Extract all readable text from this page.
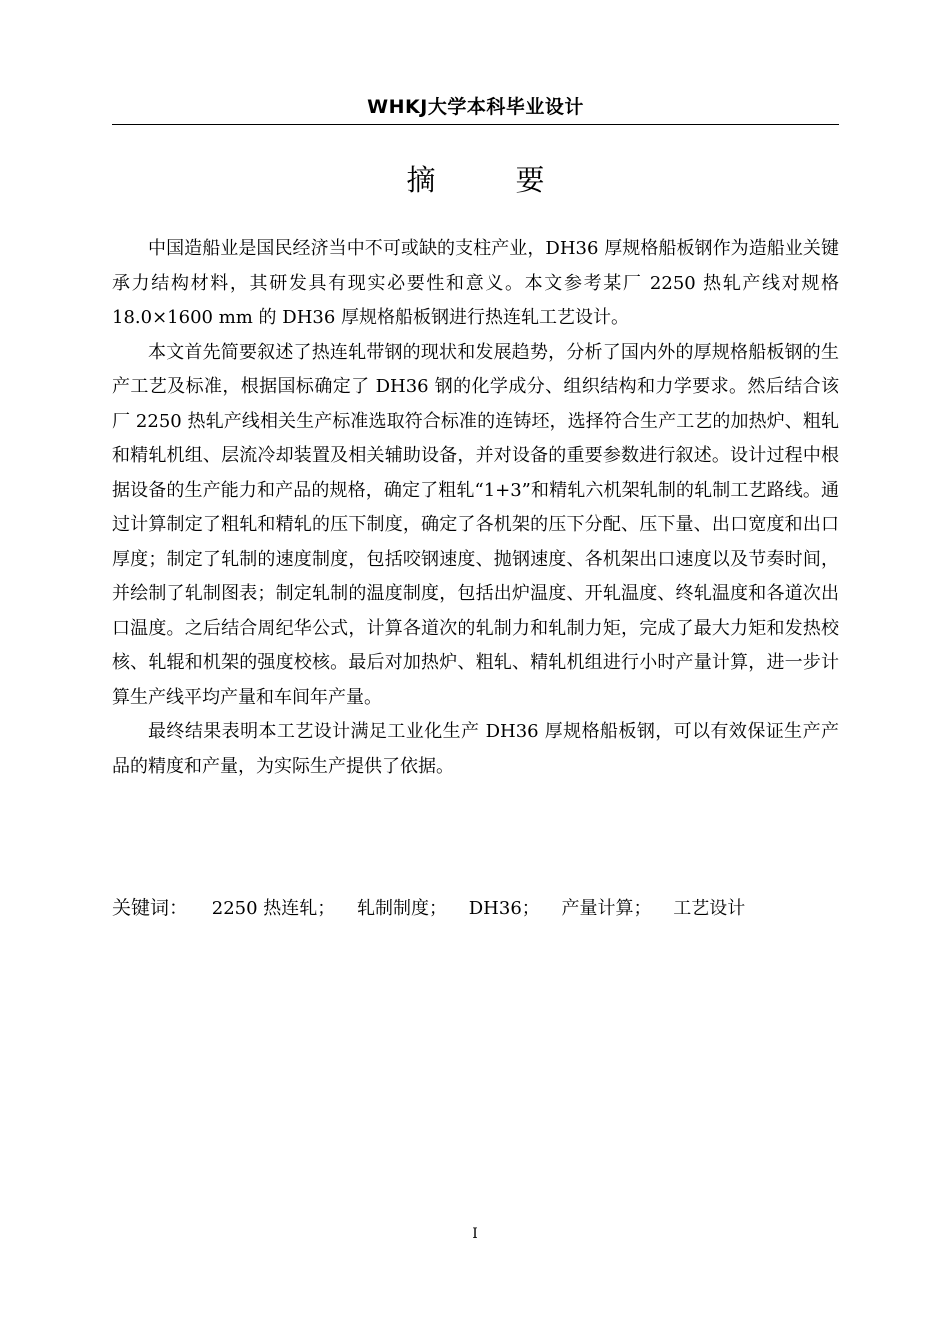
WHKJ大学本科毕业设计
摘要

中国造船业是国民经济当中不可或缺的支柱产业，DH36 厚规格船板钢作为造船业关键承力结构材料，其研发具有现实必要性和意义。本文参考某厂 2250 热轧产线对规格 18.0×1600 mm 的 DH36 厚规格船板钢进行热连轧工艺设计。

本文首先简要叙述了热连轧带钢的现状和发展趋势，分析了国内外的厚规格船板钢的生产工艺及标准，根据国标确定了 DH36 钢的化学成分、组织结构和力学要求。然后结合该厂 2250 热轧产线相关生产标准选取符合标准的连铸坯，选择符合生产工艺的加热炉、粗轧和精轧机组、层流冷却装置及相关辅助设备，并对设备的重要参数进行叙述。设计过程中根据设备的生产能力和产品的规格，确定了粗轧“1+3”和精轧六机架轧制的轧制工艺路线。通过计算制定了粗轧和精轧的压下制度，确定了各机架的压下分配、压下量、出口宽度和出口厚度；制定了轧制的速度制度，包括咬钢速度、抛钢速度、各机架出口速度以及节奏时间，并绘制了轧制图表；制定轧制的温度制度，包括出炉温度、开轧温度、终轧温度和各道次出口温度。之后结合周纪华公式，计算各道次的轧制力和轧制力矩，完成了最大力矩和发热校核、轧辊和机架的强度校核。最后对加热炉、粗轧、精轧机组进行小时产量计算，进一步计算生产线平均产量和车间年产量。

最终结果表明本工艺设计满足工业化生产 DH36 厚规格船板钢，可以有效保证生产产品的精度和产量，为实际生产提供了依据。

关键词： 2250 热连轧； 轧制制度； DH36； 产量计算； 工艺设计
I
